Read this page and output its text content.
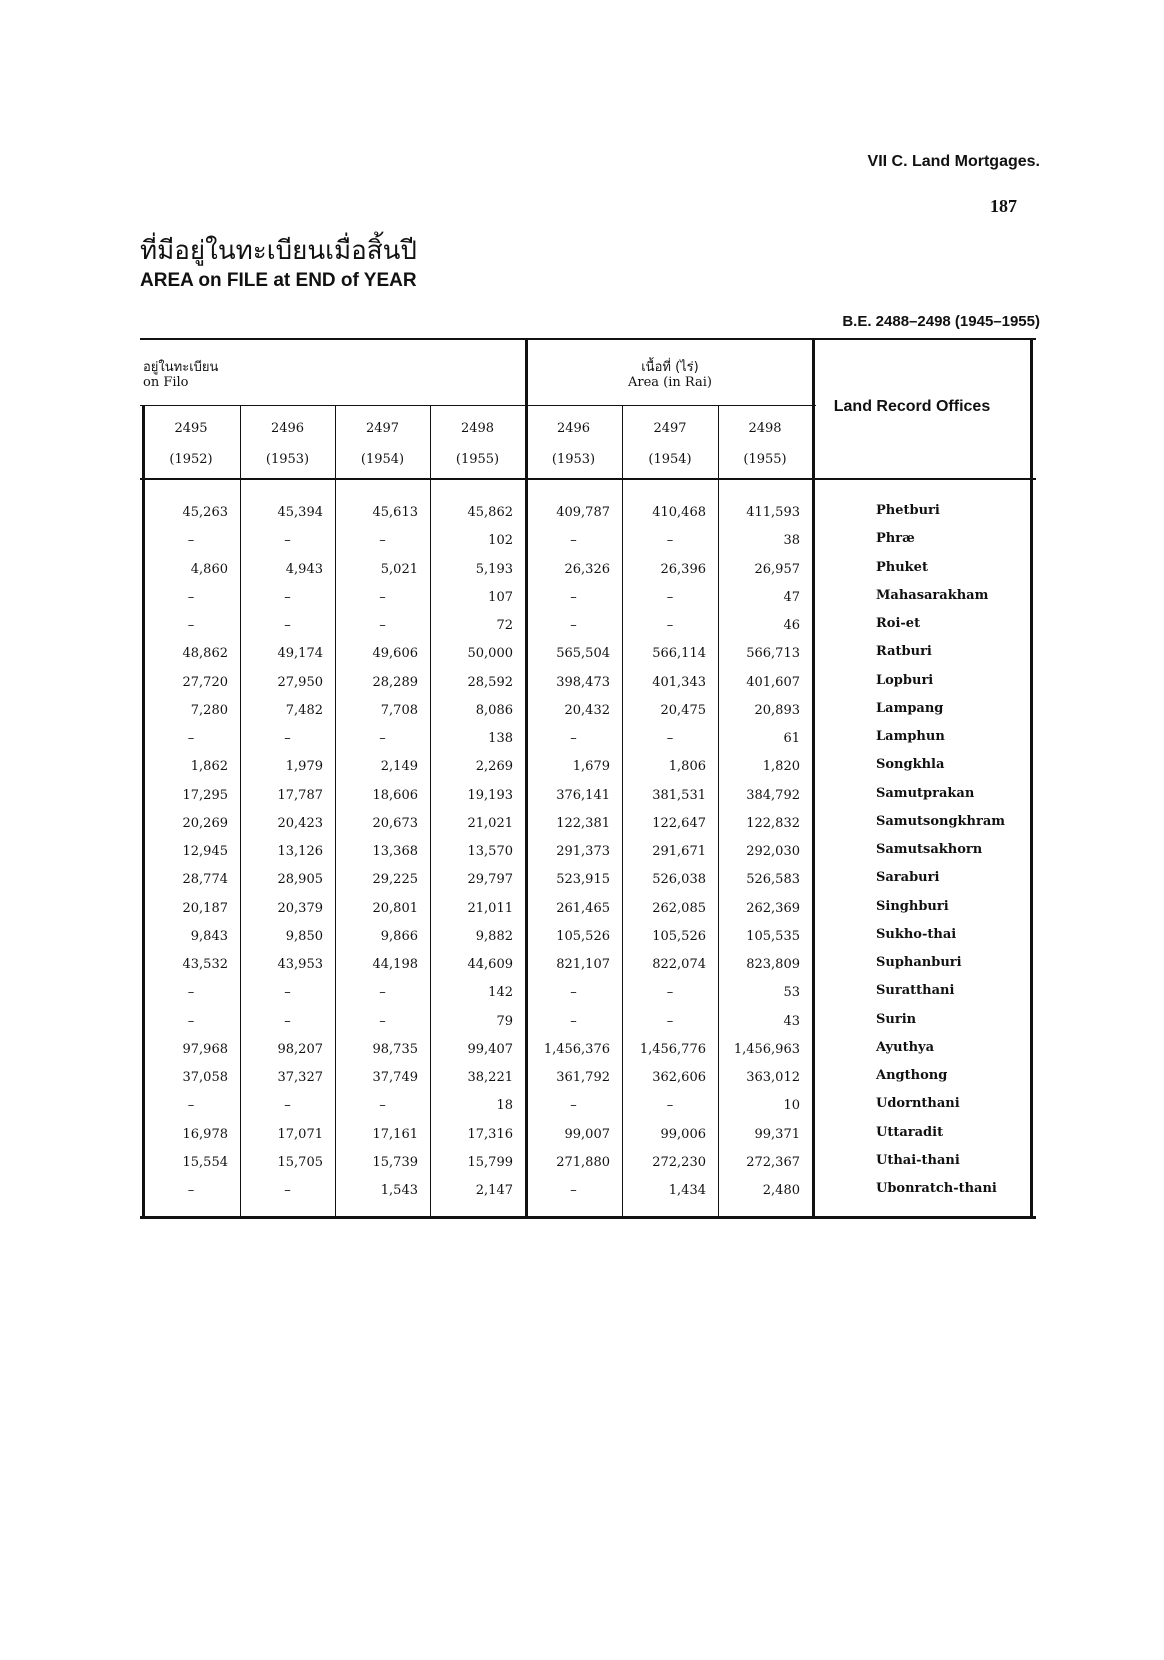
VII C. Land Mortgages.
187
ที่มีอยู่ในทะเบียนเมื่อสิ้นปี
AREA on FILE at END of YEAR
B.E. 2488–2498 (1945–1955)
อยู่ในทะเบียน
on Filo
เนื้อที่ (ไร่)
Area (in Rai)
Land Record Offices
2495
(1952)
2496
(1953)
2497
(1954)
2498
(1955)
2496
(1953)
2497
(1954)
2498
(1955)
45,263	45,394	45,613	45,862	409,787	410,468	411,593	Phetburi
–	–	–	102	–	–	38	Phræ
4,860	4,943	5,021	5,193	26,326	26,396	26,957	Phuket
–	–	–	107	–	–	47	Mahasarakham
–	–	–	72	–	–	46	Roi-et
48,862	49,174	49,606	50,000	565,504	566,114	566,713	Ratburi
27,720	27,950	28,289	28,592	398,473	401,343	401,607	Lopburi
7,280	7,482	7,708	8,086	20,432	20,475	20,893	Lampang
–	–	–	138	–	–	61	Lamphun
1,862	1,979	2,149	2,269	1,679	1,806	1,820	Songkhla
17,295	17,787	18,606	19,193	376,141	381,531	384,792	Samutprakan
20,269	20,423	20,673	21,021	122,381	122,647	122,832	Samutsongkhram
12,945	13,126	13,368	13,570	291,373	291,671	292,030	Samutsakhorn
28,774	28,905	29,225	29,797	523,915	526,038	526,583	Saraburi
20,187	20,379	20,801	21,011	261,465	262,085	262,369	Singhburi
9,843	9,850	9,866	9,882	105,526	105,526	105,535	Sukho-thai
43,532	43,953	44,198	44,609	821,107	822,074	823,809	Suphanburi
–	–	–	142	–	–	53	Suratthani
–	–	–	79	–	–	43	Surin
97,968	98,207	98,735	99,407	1,456,376	1,456,776	1,456,963	Ayuthya
37,058	37,327	37,749	38,221	361,792	362,606	363,012	Angthong
–	–	–	18	–	–	10	Udornthani
16,978	17,071	17,161	17,316	99,007	99,006	99,371	Uttaradit
15,554	15,705	15,739	15,799	271,880	272,230	272,367	Uthai-thani
–	–	1,543	2,147	–	1,434	2,480	Ubonratch-thani
